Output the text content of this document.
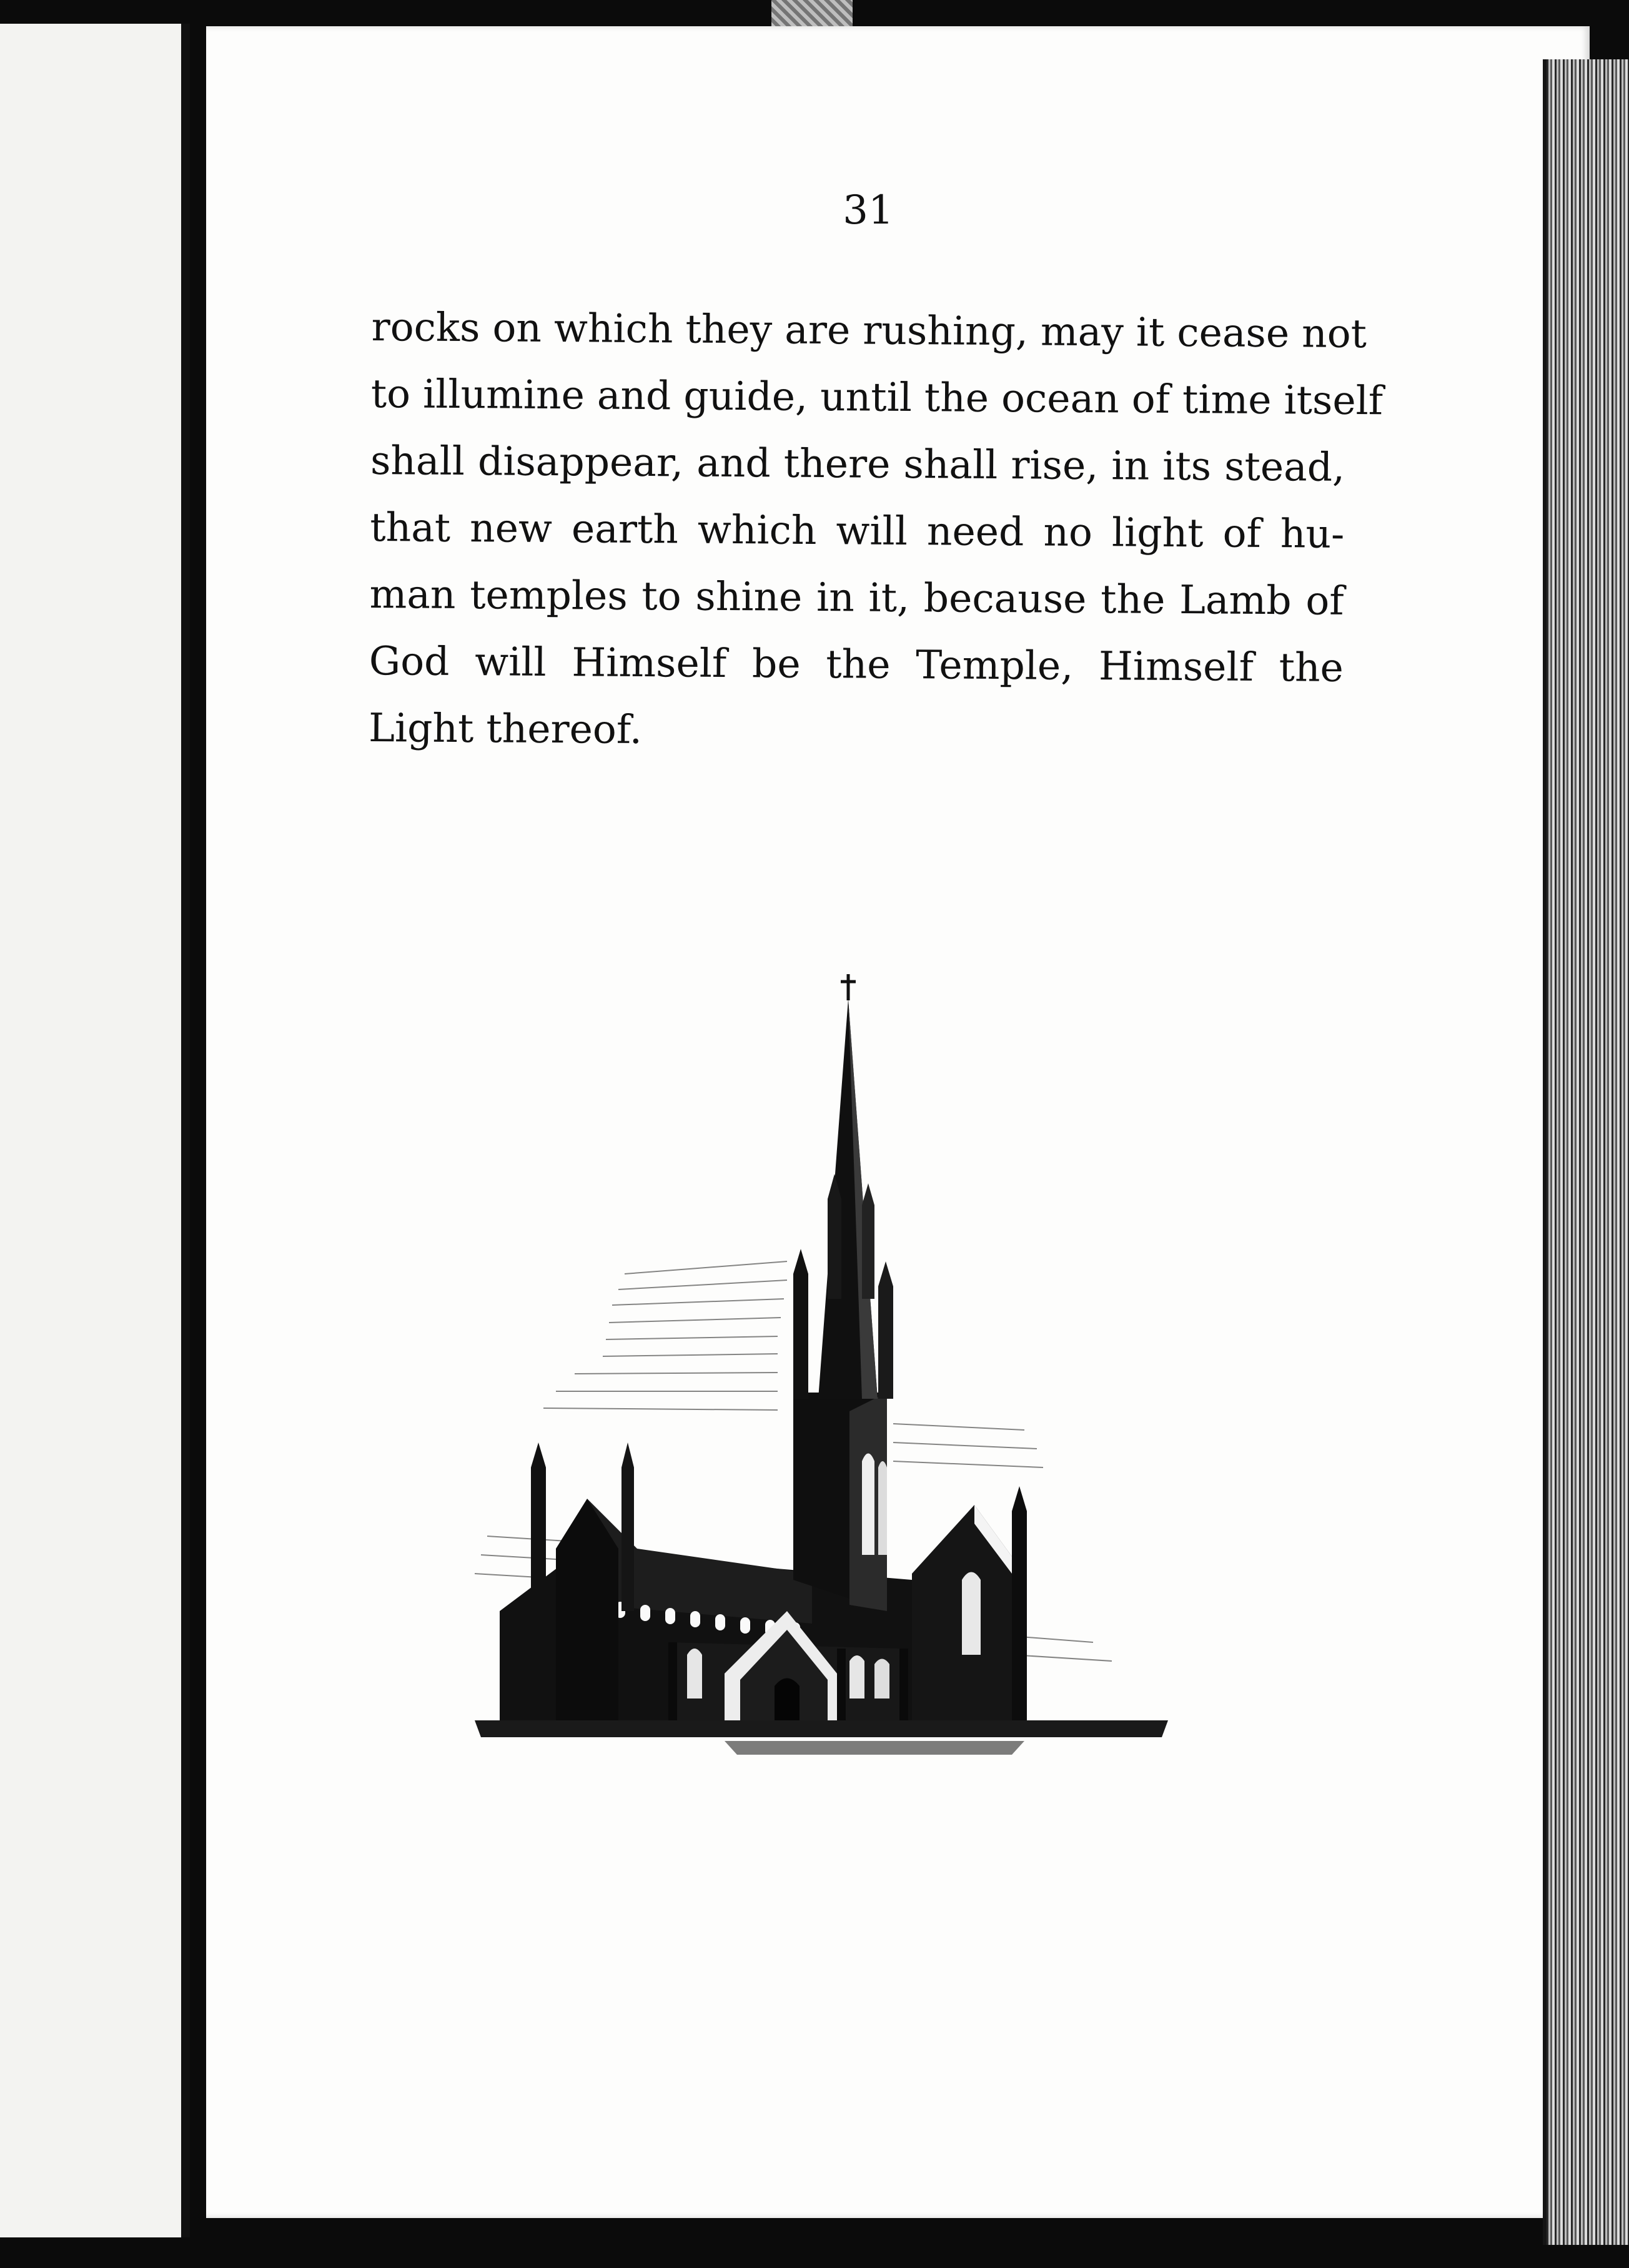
31
rocks on which they are rushing, may it cease not
to illumine and guide, until the ocean of time itself
shall disappear, and there shall rise, in its stead,
that new earth which will need no light of hu-
man temples to shine in it, because the Lamb of
God will Himself be the Temple, Himself the
Light thereof.
